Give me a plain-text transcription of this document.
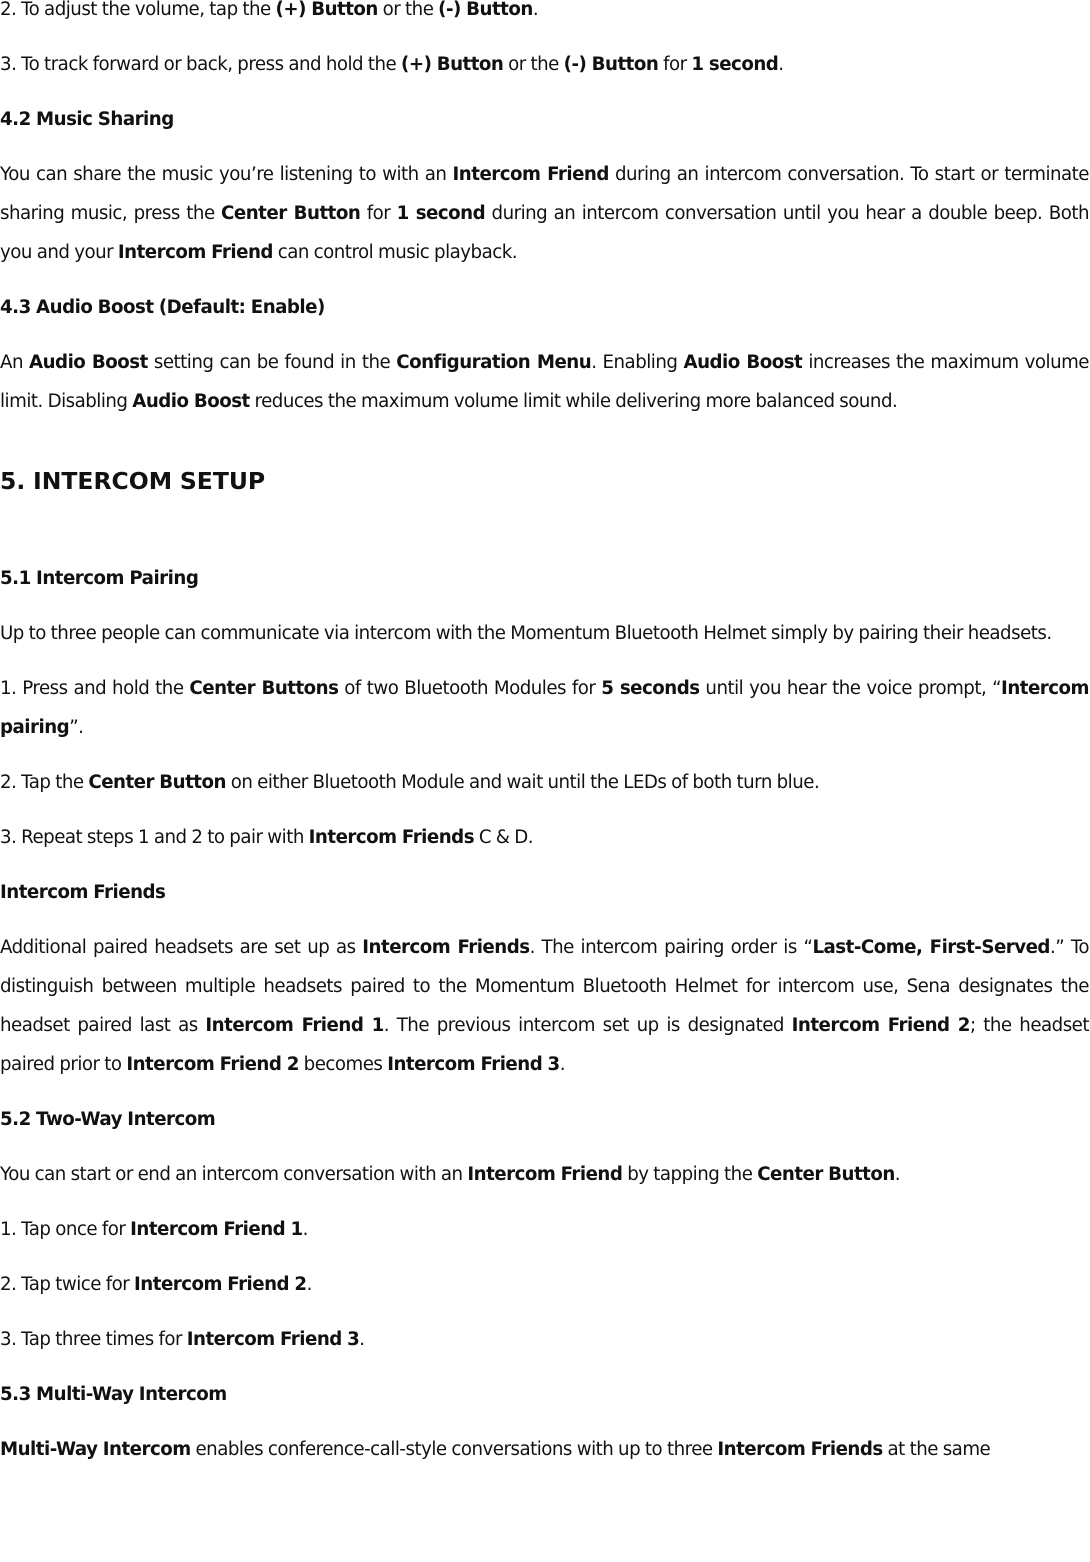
2. To adjust the volume, tap the (+) Button or the (-) Button.
3. To track forward or back, press and hold the (+) Button or the (-) Button for 1 second.
4.2 Music Sharing
You can share the music you’re listening to with an Intercom Friend during an intercom conversation. To start or terminate sharing music, press the Center Button for 1 second during an intercom conversation until you hear a double beep. Both you and your Intercom Friend can control music playback.
4.3 Audio Boost (Default: Enable)
An Audio Boost setting can be found in the Configuration Menu. Enabling Audio Boost increases the maximum volume limit. Disabling Audio Boost reduces the maximum volume limit while delivering more balanced sound.
5. INTERCOM SETUP
5.1 Intercom Pairing
Up to three people can communicate via intercom with the Momentum Bluetooth Helmet simply by pairing their headsets.
1. Press and hold the Center Buttons of two Bluetooth Modules for 5 seconds until you hear the voice prompt, “Intercom pairing”.
2. Tap the Center Button on either Bluetooth Module and wait until the LEDs of both turn blue.
3. Repeat steps 1 and 2 to pair with Intercom Friends C & D.
Intercom Friends
Additional paired headsets are set up as Intercom Friends. The intercom pairing order is “Last-Come, First-Served.” To distinguish between multiple headsets paired to the Momentum Bluetooth Helmet for intercom use, Sena designates the headset paired last as Intercom Friend 1. The previous intercom set up is designated Intercom Friend 2; the headset paired prior to Intercom Friend 2 becomes Intercom Friend 3.
5.2 Two-Way Intercom
You can start or end an intercom conversation with an Intercom Friend by tapping the Center Button.
1. Tap once for Intercom Friend 1.
2. Tap twice for Intercom Friend 2.
3. Tap three times for Intercom Friend 3.
5.3 Multi-Way Intercom
Multi-Way Intercom enables conference-call-style conversations with up to three Intercom Friends at the same
